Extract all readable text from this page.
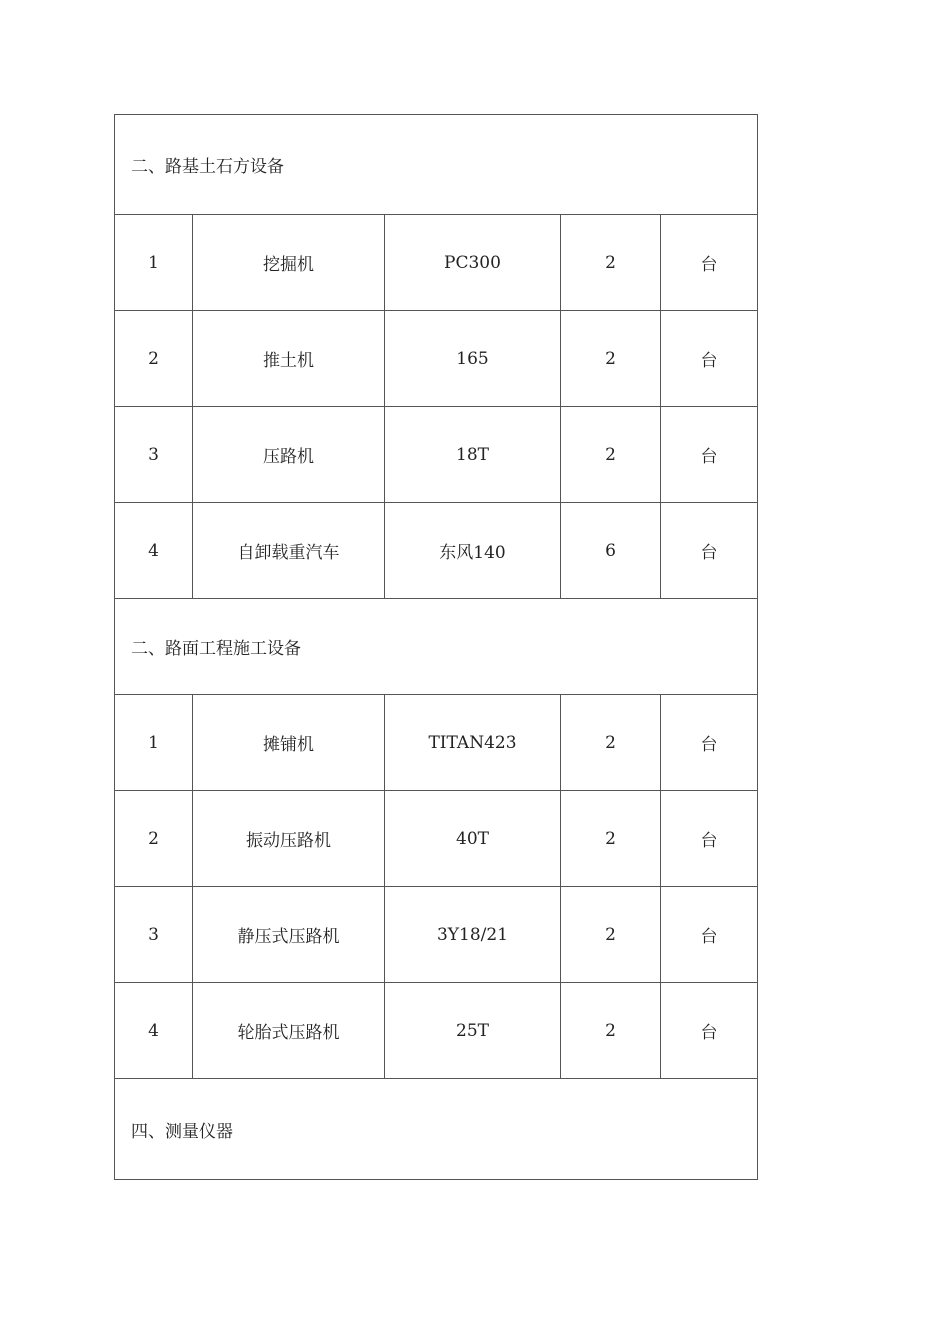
二、路基土石方设备				
1	挖掘机	PC300	2	台
2	推土机	165	2	台
3	压路机	18T	2	台
4	自卸载重汽车	东风140	6	台
二、路面工程施工设备				
1	摊铺机	TITAN423	2	台
2	振动压路机	40T	2	台
3	静压式压路机	3Y18/21	2	台
4	轮胎式压路机	25T	2	台
四、测量仪器				
